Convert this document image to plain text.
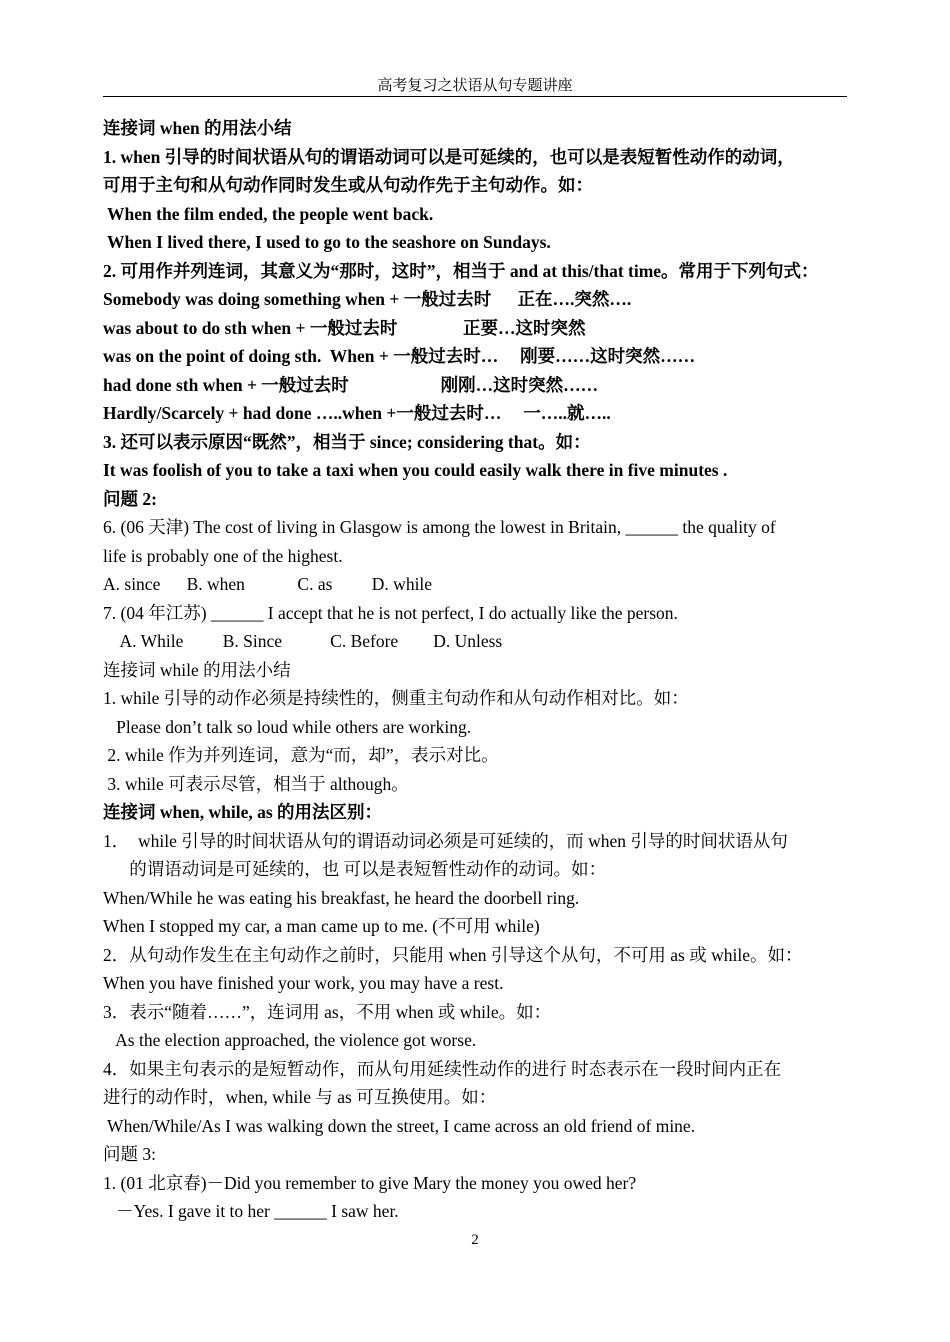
高考复习之状语从句专题讲座
连接词 when 的用法小结
1. when 引导的时间状语从句的谓语动词可以是可延续的，也可以是表短暂性动作的动词，
可用于主句和从句动作同时发生或从句动作先于主句动作。如：
When the film ended, the people went back.
When I lived there, I used to go to the seashore on Sundays.
2. 可用作并列连词，其意义为“那时，这时”，相当于 and at this/that time。常用于下列句式：
Somebody was doing something when + 一般过去时      正在….突然….
was about to do sth when + 一般过去时               正要…这时突然
was on the point of doing sth.  When + 一般过去时…     刚要……这时突然……
had done sth when + 一般过去时                     刚刚…这时突然……
Hardly/Scarcely + had done …..when +一般过去时…     一…..就…..
3. 还可以表示原因“既然”，相当于 since; considering that。如：
It was foolish of you to take a taxi when you could easily walk there in five minutes .
问题 2:
6. (06 天津) The cost of living in Glasgow is among the lowest in Britain, ______ the quality of
life is probably one of the highest.
A. since      B. when            C. as         D. while
7. (04 年江苏) ______ I accept that he is not perfect, I do actually like the person.
A. While         B. Since           C. Before        D. Unless
连接词 while 的用法小结
1. while 引导的动作必须是持续性的，侧重主句动作和从句动作相对比。如：
Please don’t talk so loud while others are working.
2. while 作为并列连词，意为“而，却”，表示对比。
3. while 可表示尽管，相当于 although。
连接词 when, while, as 的用法区别：
1．  while 引导的时间状语从句的谓语动词必须是可延续的，而 when 引导的时间状语从句
的谓语动词是可延续的，也 可以是表短暂性动作的动词。如：
When/While he was eating his breakfast, he heard the doorbell ring.
When I stopped my car, a man came up to me. (不可用 while)
2．从句动作发生在主句动作之前时，只能用 when 引导这个从句，不可用 as 或 while。如：
When you have finished your work, you may have a rest.
3．表示“随着……”，连词用 as，不用 when 或 while。如：
As the election approached, the violence got worse.
4．如果主句表示的是短暂动作，而从句用延续性动作的进行 时态表示在一段时间内正在
进行的动作时，when, while 与 as 可互换使用。如：
When/While/As I was walking down the street, I came across an old friend of mine.
问题 3:
1. (01 北京春)－Did you remember to give Mary the money you owed her?
－Yes. I gave it to her ______ I saw her.
2
